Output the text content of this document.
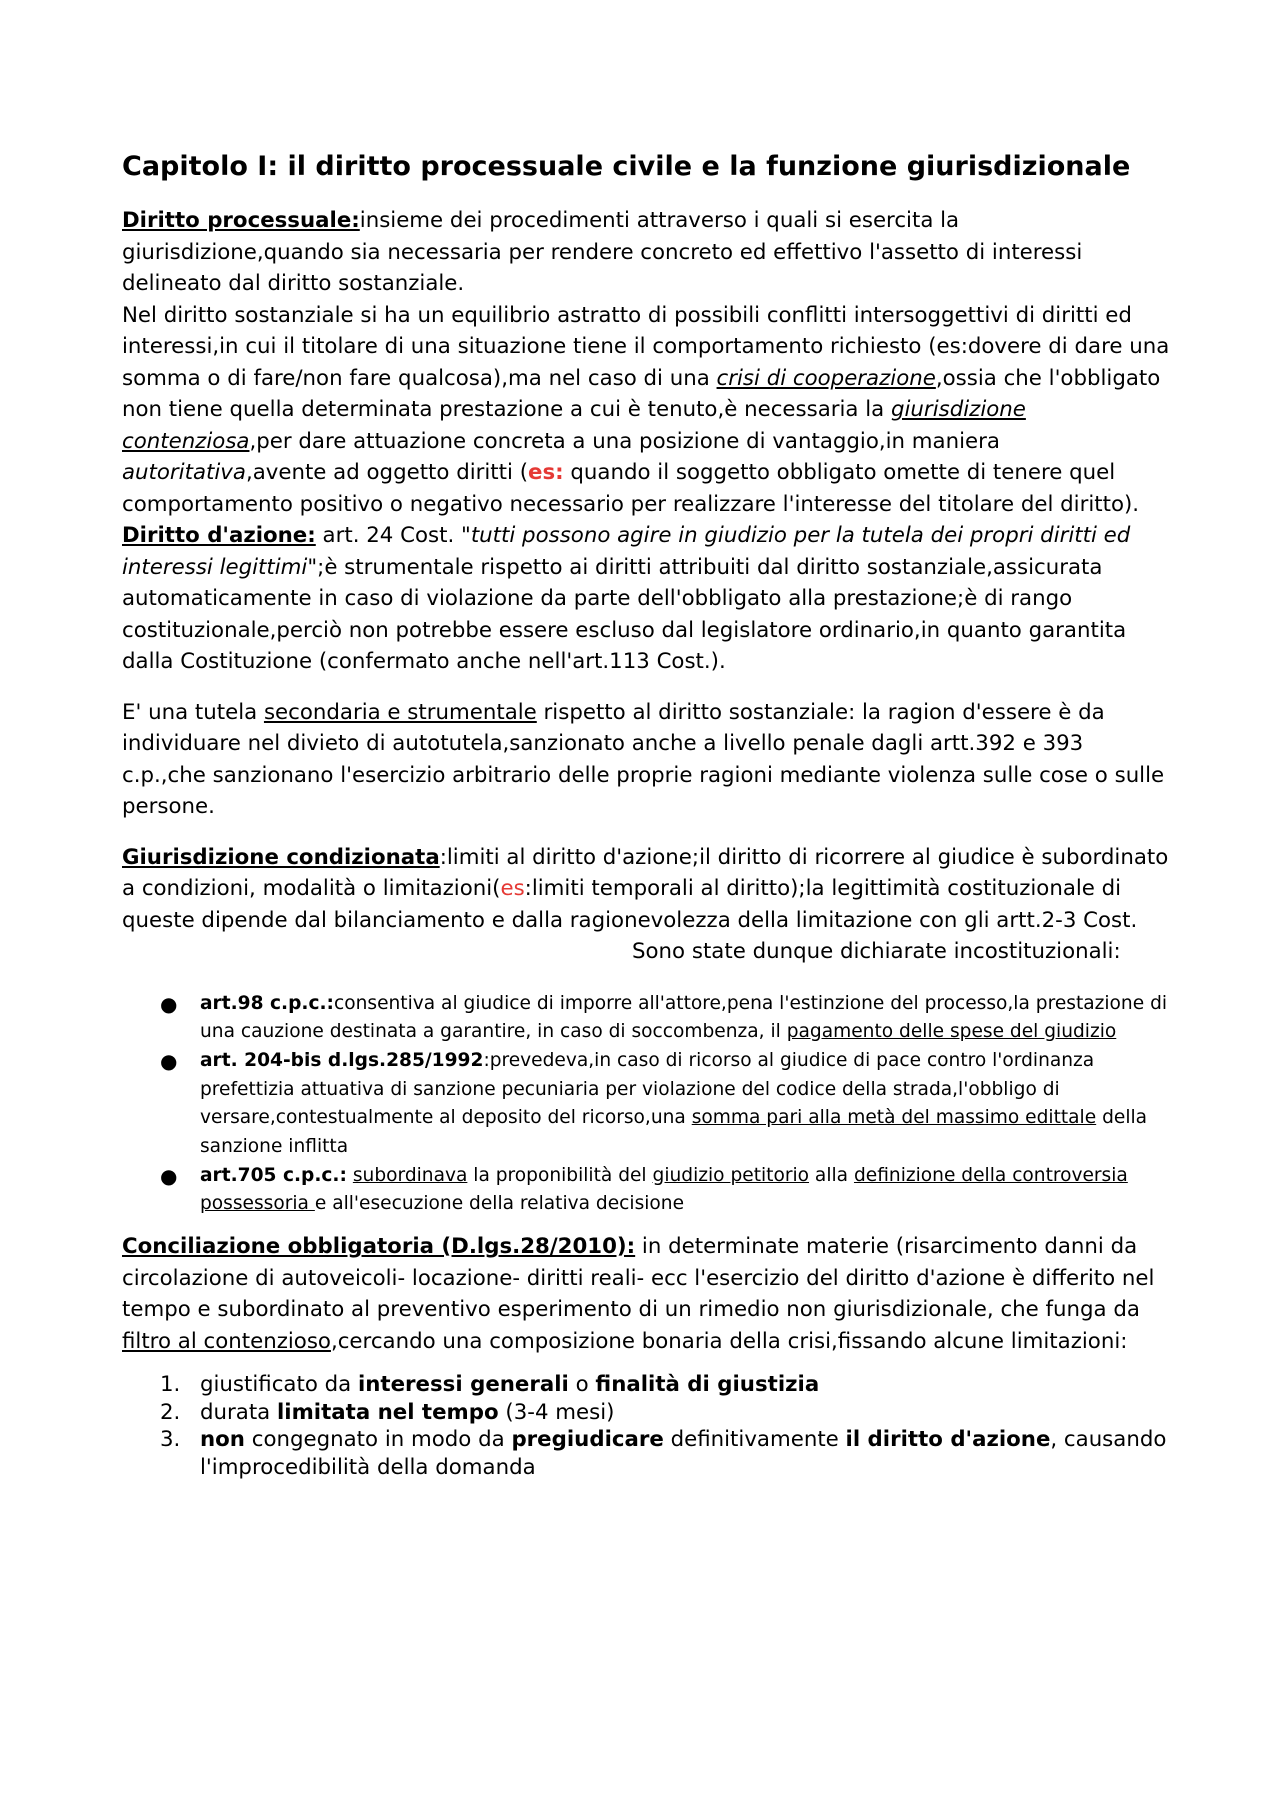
Capitolo I: il diritto processuale civile e la funzione giurisdizionale

Diritto processuale:insieme dei procedimenti attraverso i quali si esercita la giurisdizione,quando sia necessaria per rendere concreto ed effettivo l'assetto di interessi delineato dal diritto sostanziale.
Nel diritto sostanziale si ha un equilibrio astratto di possibili conflitti intersoggettivi di diritti ed interessi,in cui il titolare di una situazione tiene il comportamento richiesto (es:dovere di dare una somma o di fare/non fare qualcosa),ma nel caso di una crisi di cooperazione,ossia che l'obbligato non tiene quella determinata prestazione a cui è tenuto,è necessaria la giurisdizione contenziosa,per dare attuazione concreta a una posizione di vantaggio,in maniera autoritativa,avente ad oggetto diritti (es: quando il soggetto obbligato omette di tenere quel comportamento positivo o negativo necessario per realizzare l'interesse del titolare del diritto). Diritto d'azione: art. 24 Cost. "tutti possono agire in giudizio per la tutela dei propri diritti ed interessi legittimi";è strumentale rispetto ai diritti attribuiti dal diritto sostanziale,assicurata automaticamente in caso di violazione da parte dell'obbligato alla prestazione;è di rango costituzionale,perciò non potrebbe essere escluso dal legislatore ordinario,in quanto garantita dalla Costituzione (confermato anche nell'art.113 Cost.).

E' una tutela secondaria e strumentale rispetto al diritto sostanziale: la ragion d'essere è da individuare nel divieto di autotutela,sanzionato anche a livello penale dagli artt.392 e 393 c.p.,che sanzionano l'esercizio arbitrario delle proprie ragioni mediante violenza sulle cose o sulle persone.

Giurisdizione condizionata:limiti al diritto d'azione;il diritto di ricorrere al giudice è subordinato a condizioni, modalità o limitazioni(es:limiti temporali al diritto);la legittimità costituzionale di queste dipende dal bilanciamento e dalla ragionevolezza della limitazione con gli artt.2-3 Cost.Sono state dunque dichiarate incostituzionali:

● art.98 c.p.c.:consentiva al giudice di imporre all'attore,pena l'estinzione del processo,la prestazione di una cauzione destinata a garantire, in caso di soccombenza, il pagamento delle spese del giudizio
● art. 204-bis d.lgs.285/1992:prevedeva,in caso di ricorso al giudice di pace contro l'ordinanza prefettizia attuativa di sanzione pecuniaria per violazione del codice della strada,l'obbligo di versare,contestualmente al deposito del ricorso,una somma pari alla metà del massimo edittale della sanzione inflitta
● art.705 c.p.c.: subordinava la proponibilità del giudizio petitorio alla definizione della controversia possessoria e all'esecuzione della relativa decisione

Conciliazione obbligatoria (D.lgs.28/2010): in determinate materie (risarcimento danni da circolazione di autoveicoli- locazione- diritti reali- ecc l'esercizio del diritto d'azione è differito nel tempo e subordinato al preventivo esperimento di un rimedio non giurisdizionale, che funga da filtro al contenzioso,cercando una composizione bonaria della crisi,fissando alcune limitazioni:

1. giustificato da interessi generali o finalità di giustizia
2. durata limitata nel tempo (3-4 mesi)
3. non congegnato in modo da pregiudicare definitivamente il diritto d'azione, causando l'improcedibilità della domanda
